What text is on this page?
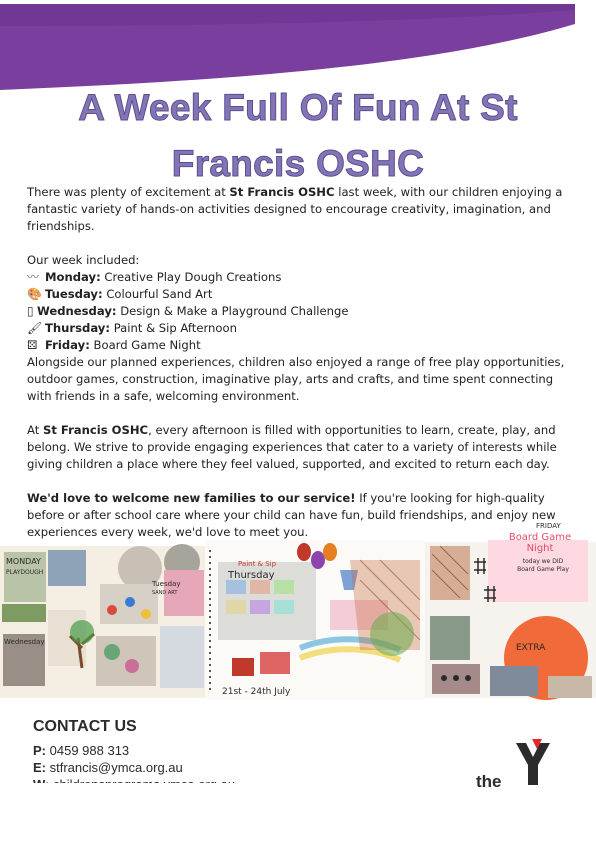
A Week Full Of Fun At St
Francis OSHC

There was plenty of excitement at St Francis OSHC last week, with our children enjoying a fantastic variety of hands-on activities designed to encourage creativity, imagination, and friendships.

Our week included:

〰 Monday:
Creative Play Dough Creations
🎨 Tuesday:
Colourful Sand Art
▯ Wednesday:
Design & Make a Playground Challenge
🖌 Thursday:
Paint & Sip Afternoon
⚄ Friday:
Board Game Night

Alongside our planned experiences, children also enjoyed a range of free play opportunities, outdoor games, construction, imaginative play, arts and crafts, and time spent connecting with friends in a safe, welcoming environment.

At St Francis OSHC, every afternoon is filled with opportunities to learn, create, play, and belong. We strive to provide engaging experiences that cater to a variety of interests while giving children a place where they feel valued, supported, and excited to return each day.

We'd love to welcome new families to our service! If you're looking for high-quality before or after school care where your child can have fun, build friendships, and enjoy new experiences every week, we'd love to meet you.

MONDAY
PLAYDOUGH
Tuesday
SAND ART
Wednesday
Thursday
Paint & Sip
21st - 24th July
EXTRA
FRIDAY
Board Game Night
today we DID
Board Game Play
CONTACT US
P: 0459 988 313
E: stfrancis@ymca.org.au
the
